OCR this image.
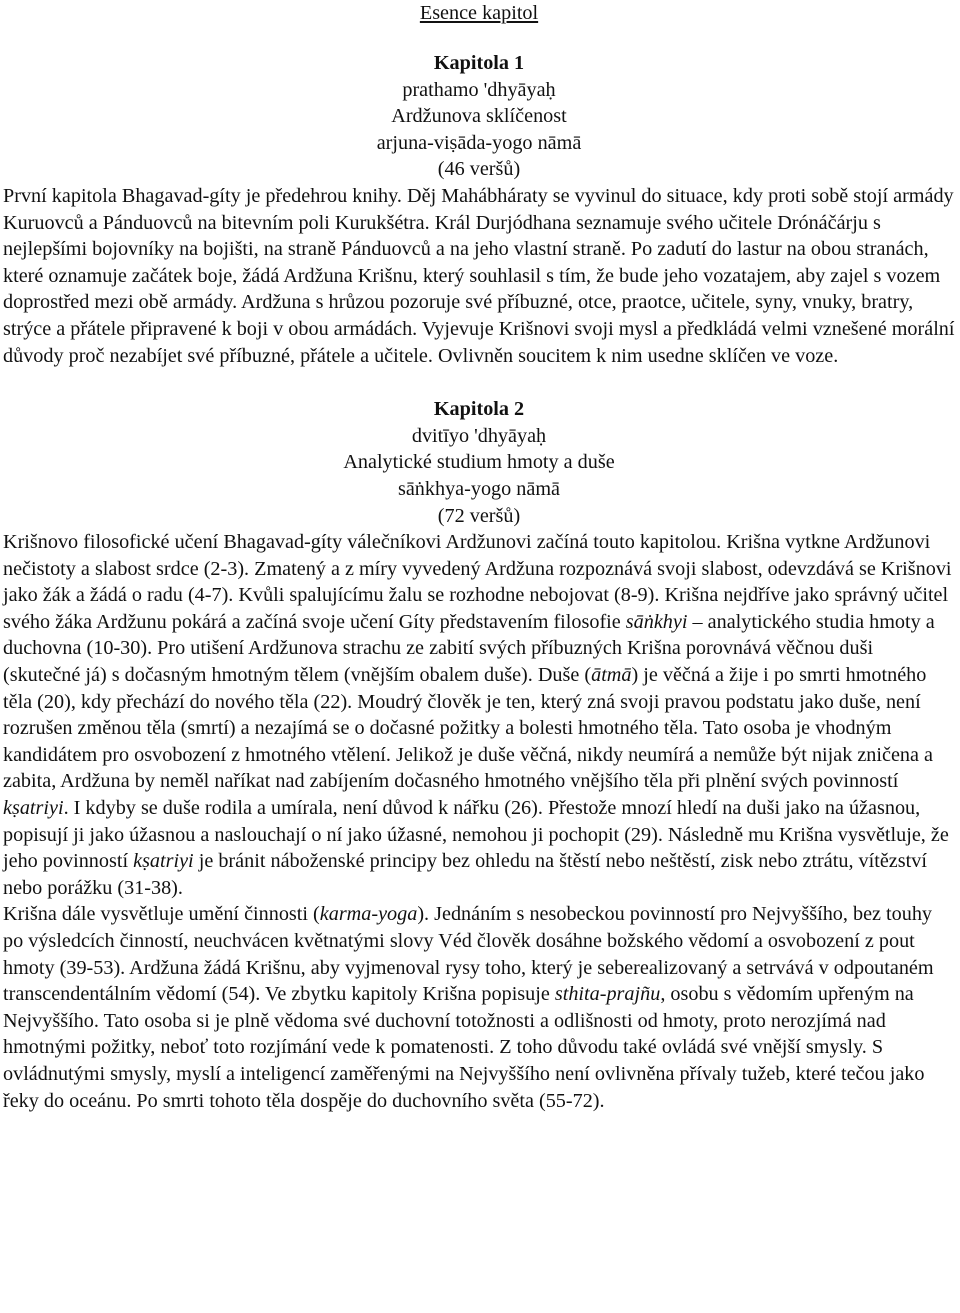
Esence kapitol
Kapitola 1
prathamo 'dhyāyaḥ
Ardžunova sklíčenost
arjuna-viṣāda-yogo nāmā
(46 veršů)

První kapitola Bhagavad-gíty je předehrou knihy. Děj Mahábháraty se vyvinul do situace, kdy proti sobě stojí armády Kuruovců a Pánduovců na bitevním poli Kurukšétra. Král Durjódhana seznamuje svého učitele Drónáčárju s nejlepšími bojovníky na bojišti, na straně Pánduovců a na jeho vlastní straně. Po zadutí do lastur na obou stranách, které oznamuje začátek boje, žádá Ardžuna Krišnu, který souhlasil s tím, že bude jeho vozatajem, aby zajel s vozem doprostřed mezi obě armády. Ardžuna s hrůzou pozoruje své příbuzné, otce, praotce, učitele, syny, vnuky, bratry, strýce a přátele připravené k boji v obou armádách. Vyjevuje Krišnovi svoji mysl a předkládá velmi vznešené morální důvody proč nezabíjet své příbuzné, přátele a učitele. Ovlivněn soucitem k nim usedne sklíčen ve voze.

Kapitola 2
dvitīyo 'dhyāyaḥ
Analytické studium hmoty a duše
sāṅkhya-yogo nāmā
(72 veršů)

Krišnovo filosofické učení Bhagavad-gíty válečníkovi Ardžunovi začíná touto kapitolou. Krišna vytkne Ardžunovi nečistoty a slabost srdce (2-3). Zmatený a z míry vyvedený Ardžuna rozpoznává svoji slabost, odevzdává se Krišnovi jako žák a žádá o radu (4-7). Kvůli spalujícímu žalu se rozhodne nebojovat (8-9). Krišna nejdříve jako správný učitel svého žáka Ardžunu pokárá a začíná svoje učení Gíty představením filosofie sāṅkhyi – analytického studia hmoty a duchovna (10-30). Pro utišení Ardžunova strachu ze zabití svých příbuzných Krišna porovnává věčnou duši (skutečné já) s dočasným hmotným tělem (vnějším obalem duše). Duše (ātmā) je věčná a žije i po smrti hmotného těla (20), kdy přechází do nového těla (22). Moudrý člověk je ten, který zná svoji pravou podstatu jako duše, není rozrušen změnou těla (smrtí) a nezajímá se o dočasné požitky a bolesti hmotného těla. Tato osoba je vhodným kandidátem pro osvobození z hmotného vtělení. Jelikož je duše věčná, nikdy neumírá a nemůže být nijak zničena a zabita, Ardžuna by neměl naříkat nad zabíjením dočasného hmotného vnějšího těla při plnění svých povinností kṣatriyi. I kdyby se duše rodila a umírala, není důvod k nářku (26). Přestože mnozí hledí na duši jako na úžasnou, popisují ji jako úžasnou a naslouchají o ní jako úžasné, nemohou ji pochopit (29). Následně mu Krišna vysvětluje, že jeho povinností kṣatriyi je bránit náboženské principy bez ohledu na štěstí nebo neštěstí, zisk nebo ztrátu, vítězství nebo porážku (31-38).

Krišna dále vysvětluje umění činnosti (karma-yoga). Jednáním s nesobeckou povinností pro Nejvyššího, bez touhy po výsledcích činností, neuchvácen květnatými slovy Véd člověk dosáhne božského vědomí a osvobození z pout hmoty (39-53). Ardžuna žádá Krišnu, aby vyjmenoval rysy toho, který je seberealizovaný a setrvává v odpoutaném transcendentálním vědomí (54). Ve zbytku kapitoly Krišna popisuje sthita-prajñu, osobu s vědomím upřeným na Nejvyššího. Tato osoba si je plně vědoma své duchovní totožnosti a odlišnosti od hmoty, proto nerozjímá nad hmotnými požitky, neboť toto rozjímání vede k pomatenosti. Z toho důvodu také ovládá své vnější smysly. S ovládnutými smysly, myslí a inteligencí zaměřenými na Nejvyššího není ovlivněna přívaly tužeb, které tečou jako řeky do oceánu. Po smrti tohoto těla dospěje do duchovního světa (55-72).
